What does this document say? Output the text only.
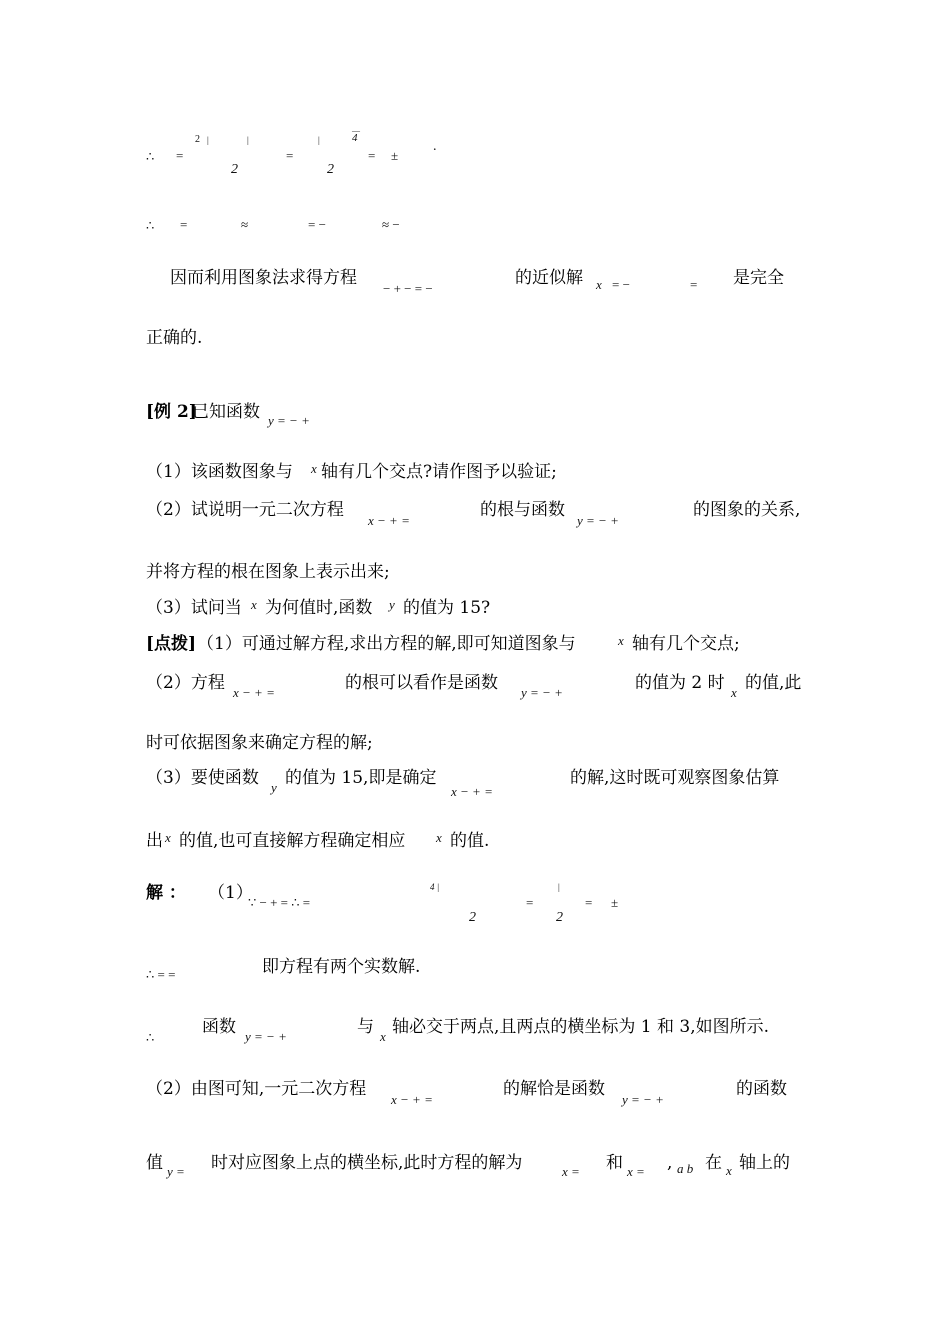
∴ =
2 |	|
2
=
|
—
4
2
= ±
.
∴ =	≈	= −	≈ −
因而利用图象法求得方程
− + − = −
的近似解 x = −	= 是完全
正确的.
[例 2]
已知函数 y = − +
（1）该函数图象与 x 轴有几个交点?请作图予以验证;
（2）试说明一元二次方程
x − + =
的根与函数
y = − +
的图象的关系,
并将方程的根在图象上表示出来;
（3）试问当 x 为何值时,函数 y 的值为 15?
[点拨] （1）可通过解方程,求出方程的解,即可知道图象与	x 轴有几个交点;
（2）方程 x − + =	的根可以看作是函数 y = − +	的值为 2 时 x 的值,此
时可依据图象来确定方程的解;
（3）要使函数 y 的值为 15,即是确定
x − + =
的解,这时既可观察图象估算
出 x 的值,也可直接解方程确定相应 x 的值.
解 ： （1）
∵ − + = ∴ =
4 |
2
=
|
2
= ±
∴ = =	即方程有两个实数解.
∴
函数 y = − +	与 x 轴必交于两点,且两点的横坐标为 1 和 3,如图所示.
（2）由图可知,一元二次方程
x − + =
的解恰是函数
y = − +
的函数
值 y = 时对应图象上点的横坐标,此时方程的解为	x = 和 x = , a b 在 x 轴上的
